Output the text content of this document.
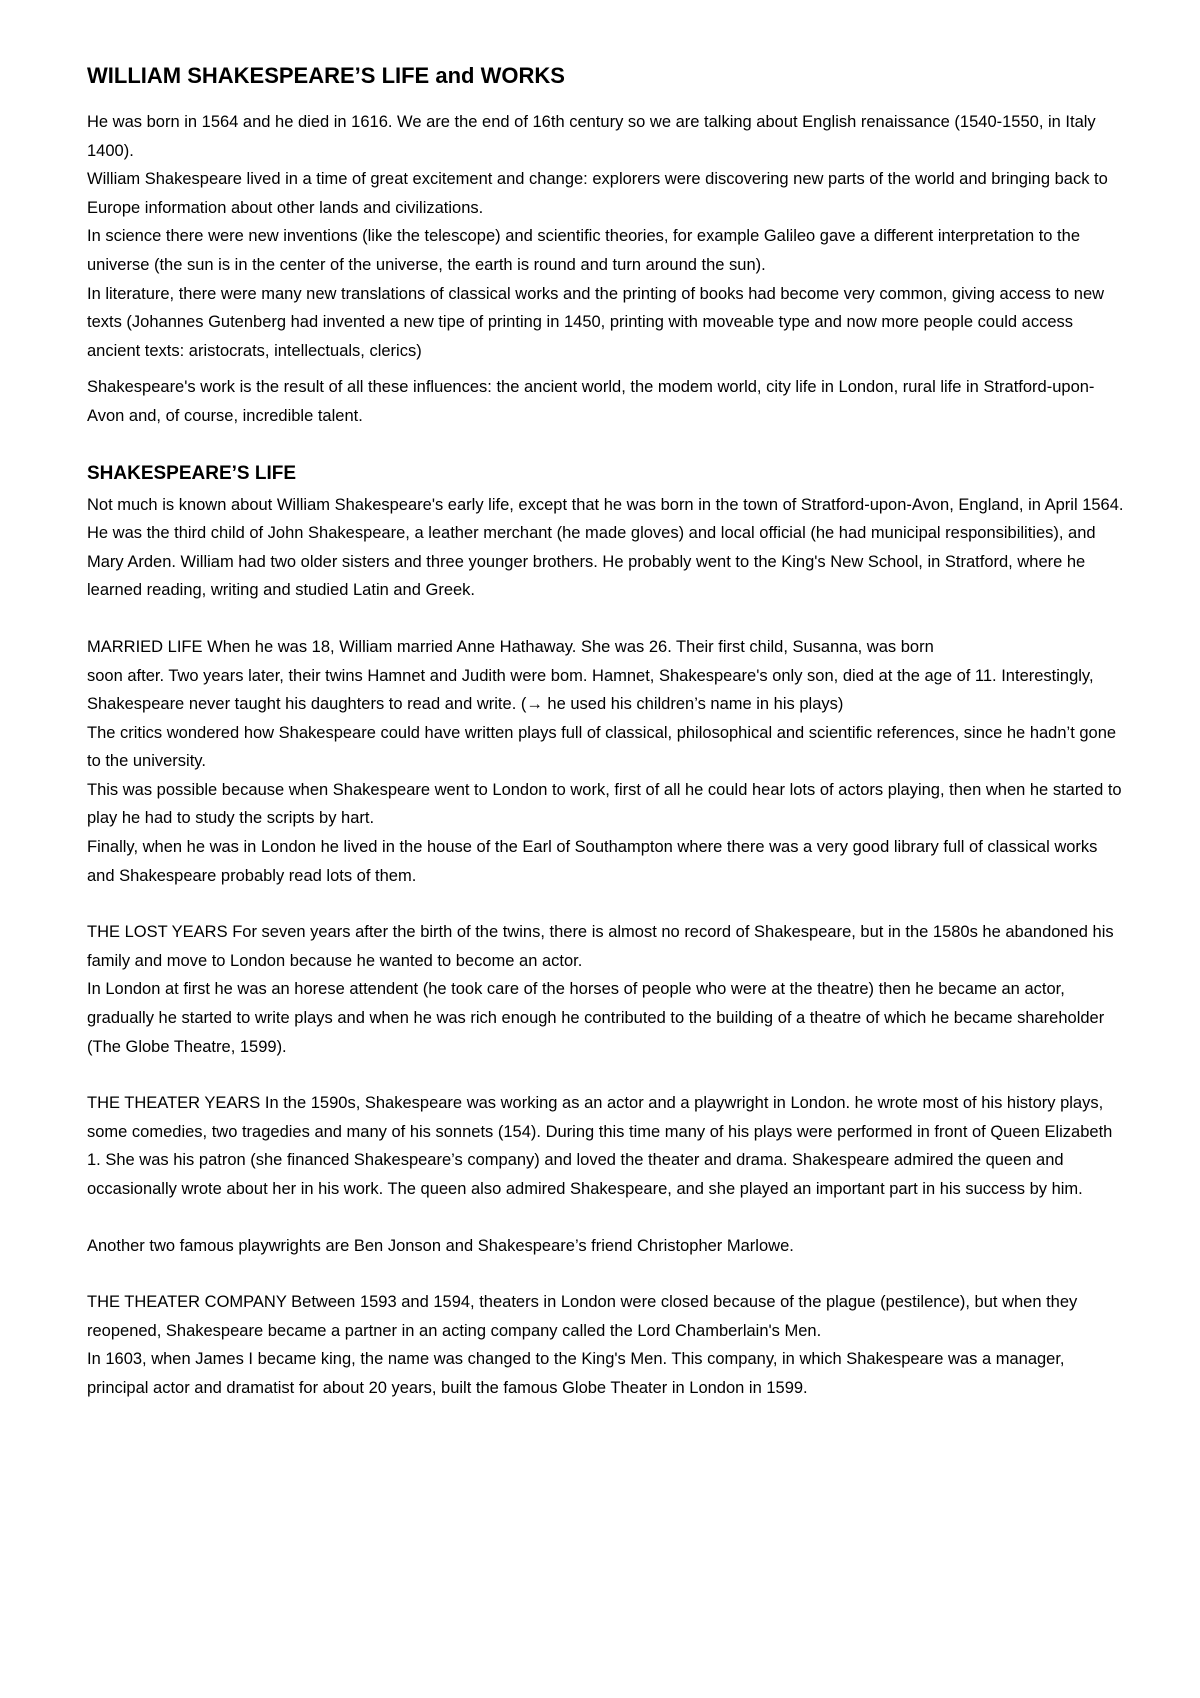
WILLIAM SHAKESPEARE’S LIFE and WORKS

He was born in 1564 and he died in 1616. We are the end of 16th century so we are talking about English renaissance (1540-1550, in Italy 1400).

William Shakespeare lived in a time of great excitement and change: explorers were discovering new parts of the world and bringing back to Europe information about other lands and civilizations.

In science there were new inventions (like the telescope) and scientific theories, for example Galileo gave a different interpretation to the universe (the sun is in the center of the universe, the earth is round and turn around the sun).

In literature, there were many new translations of classical works and the printing of books had become very common, giving access to new texts (Johannes Gutenberg had invented a new tipe of printing in 1450, printing with moveable type and now more people could access ancient texts: aristocrats, intellectuals, clerics)

Shakespeare's work is the result of all these influences: the ancient world, the modem world, city life in London, rural life in Stratford-upon-Avon and, of course, incredible talent.

SHAKESPEARE’S LIFE

Not much is known about William Shakespeare's early life, except that he was born in the town of Stratford-upon-Avon, England, in April 1564. He was the third child of John Shakespeare, a leather merchant (he made gloves) and local official (he had municipal responsibilities), and Mary Arden. William had two older sisters and three younger brothers. He probably went to the King's New School, in Stratford, where he learned reading, writing and studied Latin and Greek.

MARRIED LIFE When he was 18, William married Anne Hathaway. She was 26. Their first child, Susanna, was born

soon after. Two years later, their twins Hamnet and Judith were bom. Hamnet, Shakespeare's only son, died at the age of 11. Interestingly, Shakespeare never taught his daughters to read and write. (→ he used his children’s name in his plays)

The critics wondered how Shakespeare could have written plays full of classical, philosophical and scientific references, since he hadn’t gone to the university.

This was possible because when Shakespeare went to London to work, first of all he could hear lots of actors playing, then when he started to play he had to study the scripts by hart.

Finally, when he was in London he lived in the house of the Earl of Southampton where there was a very good library full of classical works and Shakespeare probably read lots of them.

THE LOST YEARS For seven years after the birth of the twins, there is almost no record of Shakespeare, but in the 1580s he abandoned his family and move to London because he wanted to become an actor.

In London at first he was an horese attendent (he took care of the horses of people who were at the theatre) then he became an actor, gradually he started to write plays and when he was rich enough he contributed to the building of a theatre of which he became shareholder (The Globe Theatre, 1599).

THE THEATER YEARS In the 1590s, Shakespeare was working as an actor and a playwright in London. he wrote most of his history plays, some comedies, two tragedies and many of his sonnets (154). During this time many of his plays were performed in front of Queen Elizabeth 1. She was his patron (she financed Shakespeare’s company) and loved the theater and drama. Shakespeare admired the queen and occasionally wrote about her in his work. The queen also admired Shakespeare, and she played an important part in his success by him.

Another two famous playwrights are Ben Jonson and Shakespeare’s friend Christopher Marlowe.

THE THEATER COMPANY Between 1593 and 1594, theaters in London were closed because of the plague (pestilence), but when they reopened, Shakespeare became a partner in an acting company called the Lord Chamberlain's Men.

In 1603, when James I became king, the name was changed to the King's Men. This company, in which Shakespeare was a manager, principal actor and dramatist for about 20 years, built the famous Globe Theater in London in 1599.
